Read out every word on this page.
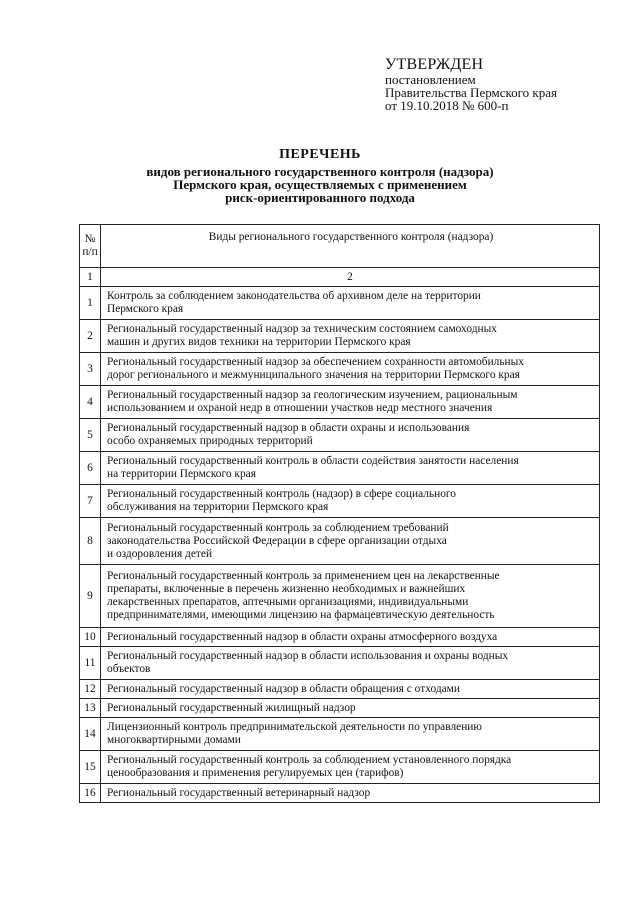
УТВЕРЖДЕН
постановлением
Правительства Пермского края
от 19.10.2018 № 600-п
ПЕРЕЧЕНЬ
видов регионального государственного контроля (надзора)
Пермского края, осуществляемых с применением
риск-ориентированного подхода
№
п/п	Виды регионального государственного контроля (надзора)
1	2
1	Контроль за соблюдением законодательства об архивном деле на территории
Пермского края

2	Региональный государственный надзор за техническим состоянием самоходных
машин и других видов техники на территории Пермского края

3	Региональный государственный надзор за обеспечением сохранности автомобильных
дорог регионального и межмуниципального значения на территории Пермского края

4	Региональный государственный надзор за геологическим изучением, рациональным
использованием и охраной недр в отношении участков недр местного значения

5	Региональный государственный надзор в области охраны и использования
особо охраняемых природных территорий

6	Региональный государственный контроль в области содействия занятости населения
на территории Пермского края

7	Региональный государственный контроль (надзор) в сфере социального
обслуживания на территории Пермского края

8	Региональный государственный контроль за соблюдением требований
законодательства Российской Федерации в сфере организации отдыха
и оздоровления детей

9	Региональный государственный контроль за применением цен на лекарственные
препараты, включенные в перечень жизненно необходимых и важнейших
лекарственных препаратов, аптечными организациями, индивидуальными
предпринимателями, имеющими лицензию на фармацевтическую деятельность

10	Региональный государственный надзор в области охраны атмосферного воздуха

11	Региональный государственный надзор в области использования и охраны водных
объектов

12	Региональный государственный надзор в области обращения с отходами

13	Региональный государственный жилищный надзор

14	Лицензионный контроль предпринимательской деятельности по управлению
многоквартирными домами

15	Региональный государственный контроль за соблюдением установленного порядка
ценообразования и применения регулируемых цен (тарифов)

16	Региональный государственный ветеринарный надзор
